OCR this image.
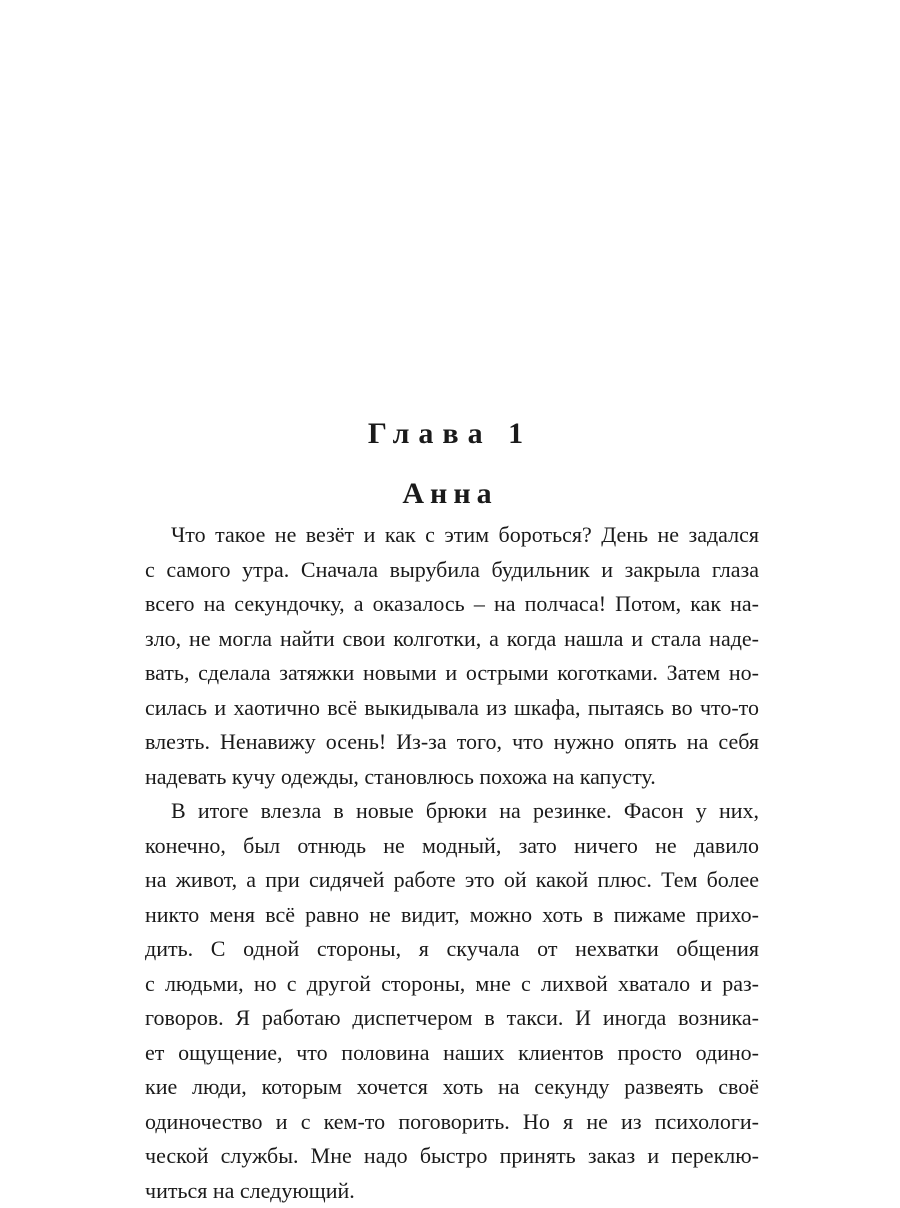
Глава 1
Анна

Что такое не везёт и как с этим бороться? День не задался
с самого утра. Сначала вырубила будильник и закрыла глаза
всего на секундочку, а оказалось – на полчаса! Потом, как на-
зло, не могла найти свои колготки, а когда нашла и стала наде-
вать, сделала затяжки новыми и острыми коготками. Затем но-
силась и хаотично всё выкидывала из шкафа, пытаясь во что-то
влезть. Ненавижу осень! Из-за того, что нужно опять на себя
надевать кучу одежды, становлюсь похожа на капусту.

В итоге влезла в новые брюки на резинке. Фасон у них,
конечно, был отнюдь не модный, зато ничего не давило
на живот, а при сидячей работе это ой какой плюс. Тем более
никто меня всё равно не видит, можно хоть в пижаме прихо-
дить. С одной стороны, я скучала от нехватки общения
с людьми, но с другой стороны, мне с лихвой хватало и раз-
говоров. Я работаю диспетчером в такси. И иногда возника-
ет ощущение, что половина наших клиентов просто одино-
кие люди, которым хочется хоть на секунду развеять своё
одиночество и с кем-то поговорить. Но я не из психологи-
ческой службы. Мне надо быстро принять заказ и переклю-
читься на следующий.
